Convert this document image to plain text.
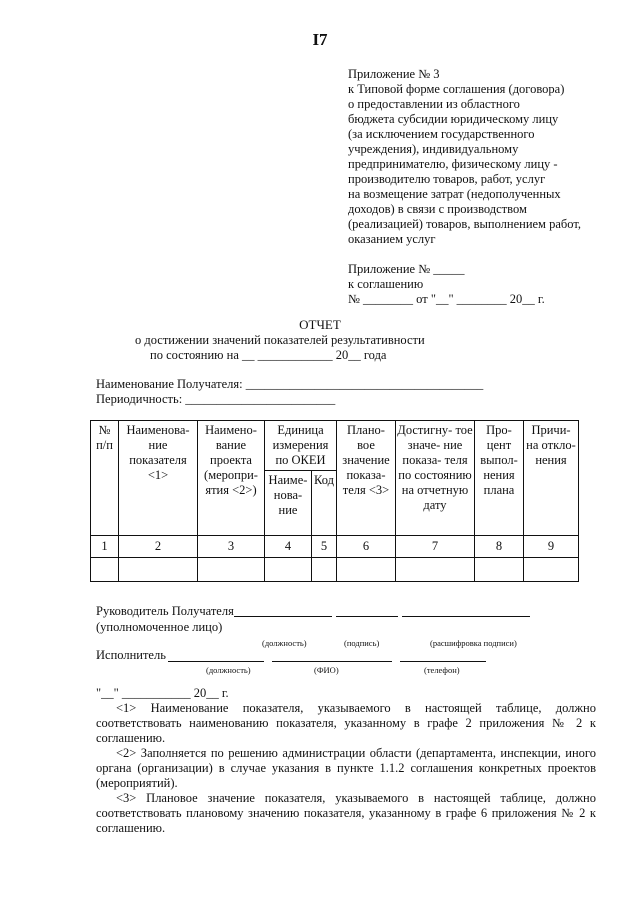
I7
Приложение № 3
к Типовой форме соглашения (договора)
о предоставлении из областного
бюджета субсидии юридическому лицу
(за исключением государственного
учреждения), индивидуальному
предпринимателю, физическому лицу -
производителю товаров, работ, услуг
на возмещение затрат (недополученных
доходов) в связи с производством
(реализацией) товаров, выполнением работ,
оказанием услуг
Приложение № _____
к соглашению
№ ________ от "__" ________ 20__ г.
ОТЧЕТ
о достижении значений показателей результативности
по состоянию на __ ____________ 20__ года
Наименование Получателя: ______________________________________
Периодичность: ________________________
№ п/п	Наименова- ние показателя <1>	Наимено- вание проекта (меропри- ятия <2>)	Единица измерения по ОКЕИ		Плано- вое значение показа- теля <3>	Достигну- тое значе- ние показа- теля по состоянию на отчетную дату	Про- цент выпол- нения плана	Причи- на откло- нения
			Наиме- нова- ние	Код				
1	2	3	4	5	6	7	8	9

Руководитель Получателя
(уполномоченное лицо)
(должность)	(подпись)	(расшифровка подписи)
Исполнитель
(должность)	(ФИО)	(телефон)
"__" ___________ 20__ г.

<1> Наименование показателя, указываемого в настоящей таблице, должно соответствовать наименованию показателя, указанному в графе 2 приложения № 2 к соглашению.

<2> Заполняется по решению администрации области (департамента, инспекции, иного органа (организации) в случае указания в пункте 1.1.2 соглашения конкретных проектов (мероприятий).

<3> Плановое значение показателя, указываемого в настоящей таблице, должно соответствовать плановому значению показателя, указанному в графе 6 приложения № 2 к соглашению.
